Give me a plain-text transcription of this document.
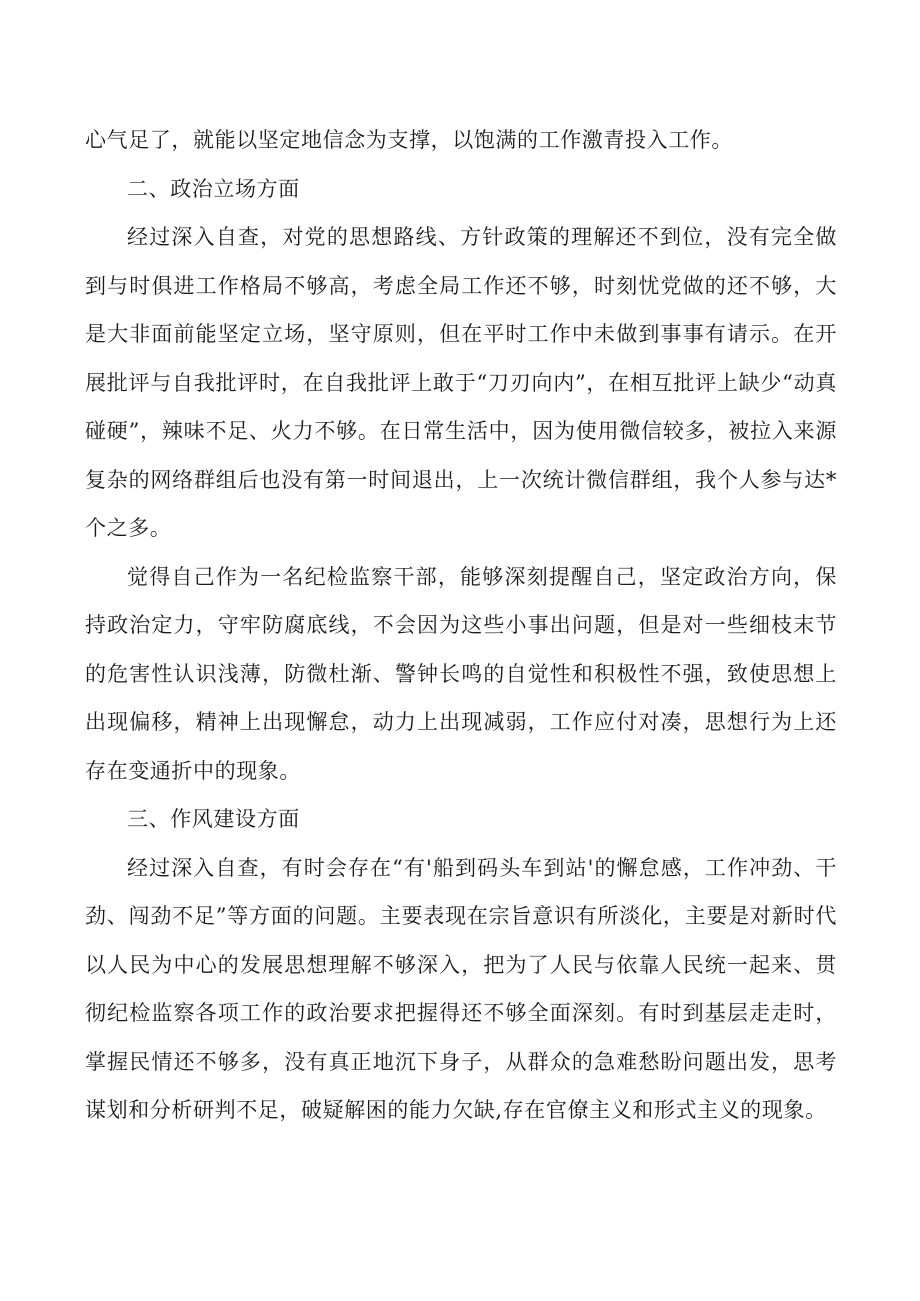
心气足了，就能以坚定地信念为支撑，以饱满的工作激青投入工作。

二、政治立场方面

经过深入自查，对党的思想路线、方针政策的理解还不到位，没有完全做到与时俱进工作格局不够高，考虑全局工作还不够，时刻忧党做的还不够，大是大非面前能坚定立场，坚守原则，但在平时工作中未做到事事有请示。在开展批评与自我批评时，在自我批评上敢于“刀刃向内”，在相互批评上缺少“动真碰硬”，辣味不足、火力不够。在日常生活中，因为使用微信较多，被拉入来源复杂的网络群组后也没有第一时间退出，上一次统计微信群组，我个人参与达*个之多。

觉得自己作为一名纪检监察干部，能够深刻提醒自己，坚定政治方向，保持政治定力，守牢防腐底线，不会因为这些小事出问题，但是对一些细枝末节的危害性认识浅薄，防微杜渐、警钟长鸣的自觉性和积极性不强，致使思想上出现偏移，精神上出现懈怠，动力上出现减弱，工作应付对凑，思想行为上还存在变通折中的现象。

三、作风建设方面

经过深入自查，有时会存在“有'船到码头车到站'的懈怠感，工作冲劲、干劲、闯劲不足”等方面的问题。主要表现在宗旨意识有所淡化，主要是对新时代以人民为中心的发展思想理解不够深入，把为了人民与依靠人民统一起来、贯彻纪检监察各项工作的政治要求把握得还不够全面深刻。有时到基层走走时，掌握民情还不够多，没有真正地沉下身子，从群众的急难愁盼问题出发，思考谋划和分析研判不足，破疑解困的能力欠缺,存在官僚主义和形式主义的现象。
